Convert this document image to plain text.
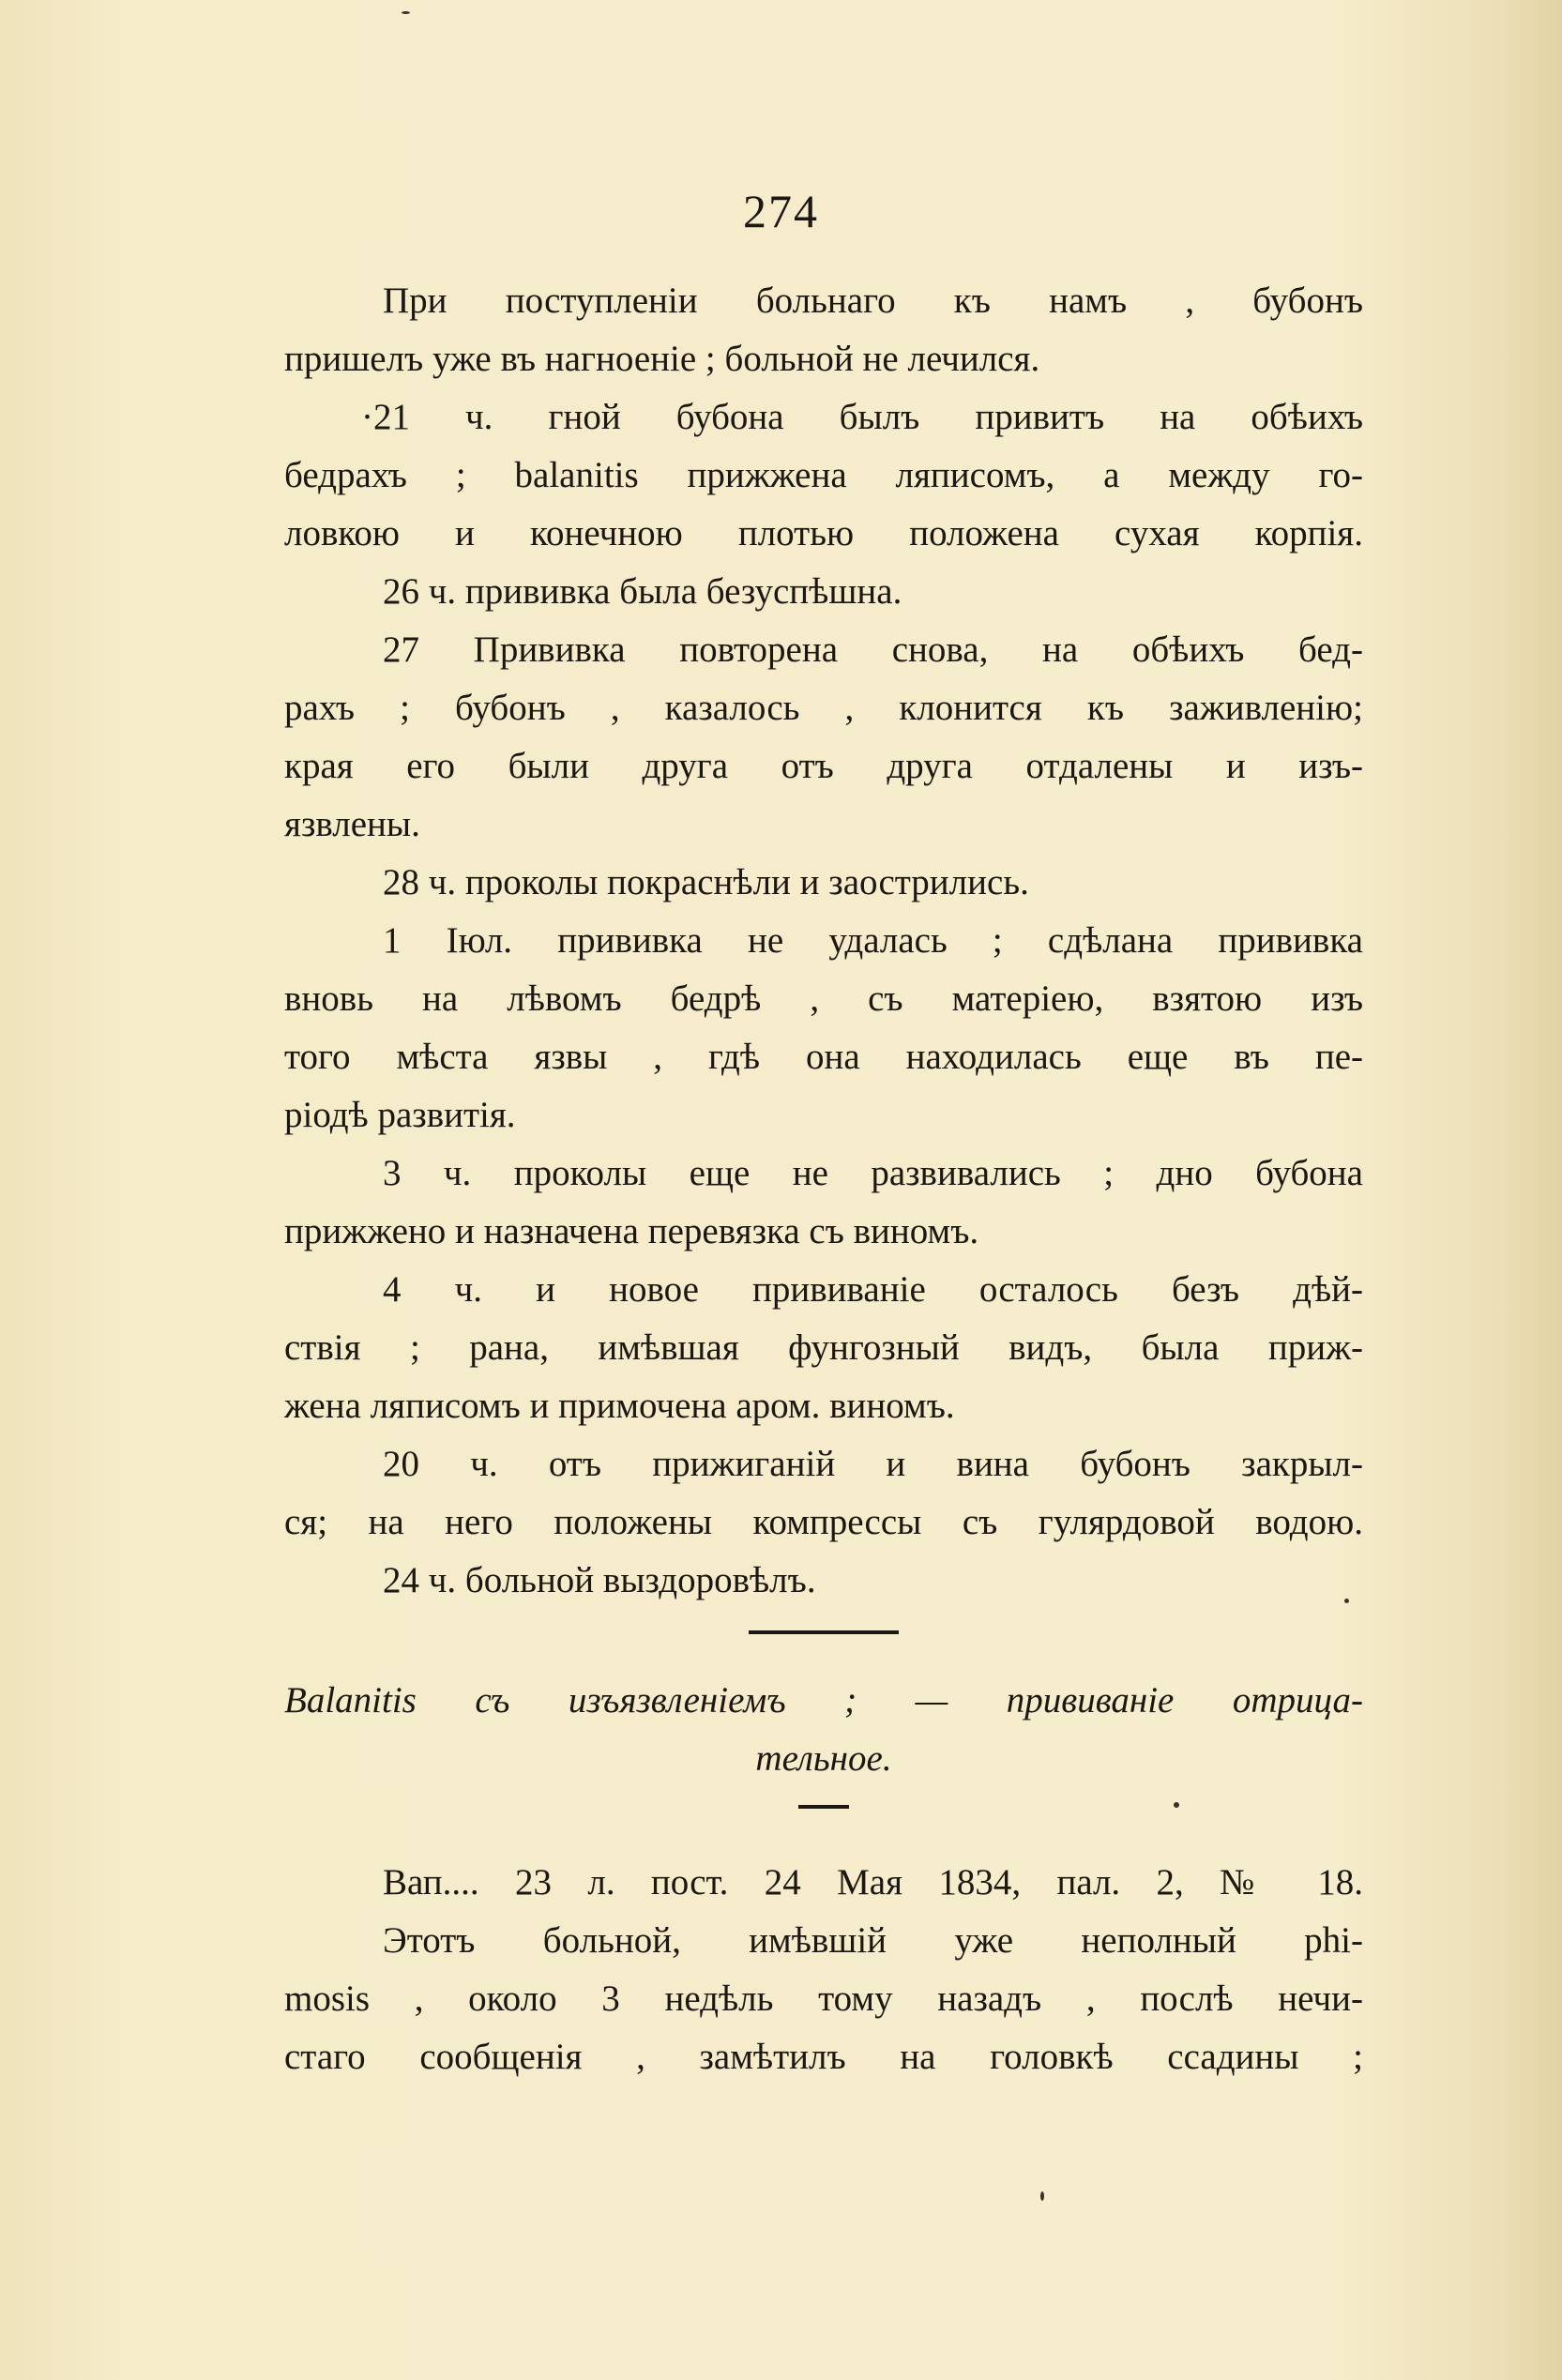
274
При поступленіи больнаго къ намъ , бубонъ
пришелъ уже въ нагноеніе ; больной не лечился.
·21 ч. гной бубона былъ привитъ на обѣихъ
бедрахъ ; balanitis прижжена ляписомъ, а между го-
ловкою и конечною плотью положена сухая корпія.
26 ч. прививка была безуспѣшна.
27 Прививка повторена снова, на обѣихъ бед-
рахъ ; бубонъ , казалось , клонится къ заживленію;
края его были друга отъ друга отдалены и изъ-
язвлены.
28 ч. проколы покраснѣли и заострились.
1 Іюл. прививка не удалась ; сдѣлана прививка
вновь на лѣвомъ бедрѣ , съ матеріею, взятою изъ
того мѣста язвы , гдѣ она находилась еще въ пе-
ріодѣ развитія.
3 ч. проколы еще не развивались ; дно бубона
прижжено и назначена перевязка съ виномъ.
4 ч. и новое прививаніе осталось безъ дѣй-
ствія ; рана, имѣвшая фунгозный видъ, была приж-
жена ляписомъ и примочена аром. виномъ.
20 ч. отъ прижиганій и вина бубонъ закрыл-
ся; на него положены компрессы съ гулярдовой водою.
24 ч. больной выздоровѣлъ.
Balanitis съ изъязвленіемъ ; — прививаніе отрица-
тельное.
Вап.... 23 л. пост. 24 Мая 1834, пал. 2, № 18.
Этотъ больной, имѣвшій уже неполный phi-
mosis , около 3 недѣль тому назадъ , послѣ нечи-
стаго сообщенія , замѣтилъ на головкѣ ссадины ;
